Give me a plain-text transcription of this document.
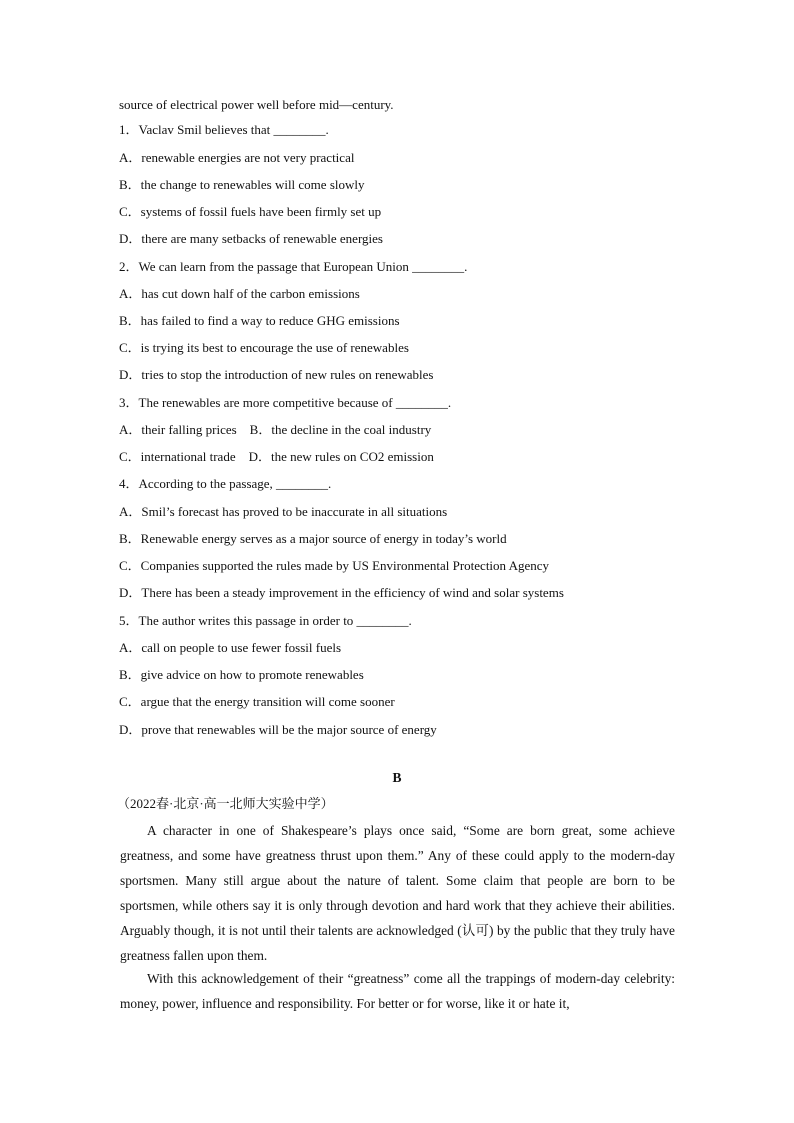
source of electrical power well before mid—century.
1．Vaclav Smil believes that ________.
A．renewable energies are not very practical
B．the change to renewables will come slowly
C．systems of fossil fuels have been firmly set up
D．there are many setbacks of renewable energies
2．We can learn from the passage that European Union ________.
A．has cut down half of the carbon emissions
B．has failed to find a way to reduce GHG emissions
C．is trying its best to encourage the use of renewables
D．tries to stop the introduction of new rules on renewables
3．The renewables are more competitive because of ________.
A．their falling prices    B．the decline in the coal industry
C．international trade    D．the new rules on CO2 emission
4．According to the passage, ________.
A．Smil’s forecast has proved to be inaccurate in all situations
B．Renewable energy serves as a major source of energy in today’s world
C．Companies supported the rules made by US Environmental Protection Agency
D．There has been a steady improvement in the efficiency of wind and solar systems
5．The author writes this passage in order to ________.
A．call on people to use fewer fossil fuels
B．give advice on how to promote renewables
C．argue that the energy transition will come sooner
D．prove that renewables will be the major source of energy
B
（2022春·北京·高一北师大实验中学）
A character in one of Shakespeare’s plays once said, “Some are born great, some achieve greatness, and some have greatness thrust upon them.” Any of these could apply to the modern-day sportsmen. Many still argue about the nature of talent. Some claim that people are born to be sportsmen, while others say it is only through devotion and hard work that they achieve their abilities. Arguably though, it is not until their talents are acknowledged (认可) by the public that they truly have greatness fallen upon them.
With this acknowledgement of their “greatness” come all the trappings of modern-day celebrity: money, power, influence and responsibility. For better or for worse, like it or hate it,
